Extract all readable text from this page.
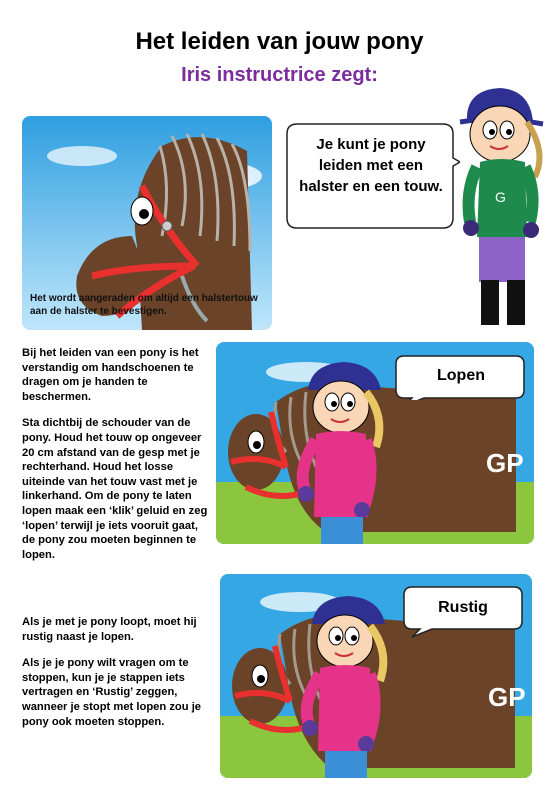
Het leiden van jouw pony
Iris instructrice zegt:
Het wordt aangeraden om altijd een halstertouw aan de halster te bevestigen.
Je kunt je pony leiden met een halster en een touw.
G

Bij het leiden van een pony is het verstandig om handschoenen te dragen om je handen te beschermen.

Sta dichtbij de schouder van de pony. Houd het touw op ongeveer 20 cm afstand van de gesp met je rechterhand. Houd het losse uiteinde van het touw vast met je linkerhand. Om de pony te laten lopen maak een ‘klik’ geluid en zeg ‘lopen’ terwijl je iets vooruit gaat, de pony zou moeten beginnen te lopen.

GP
Lopen

Als je met je pony loopt, moet hij rustig naast je lopen.

Als je je pony wilt vragen om te stoppen, kun je je stappen iets vertragen en ‘Rustig’ zeggen, wanneer je stopt met lopen zou je pony ook moeten stoppen.

GP
Rustig
